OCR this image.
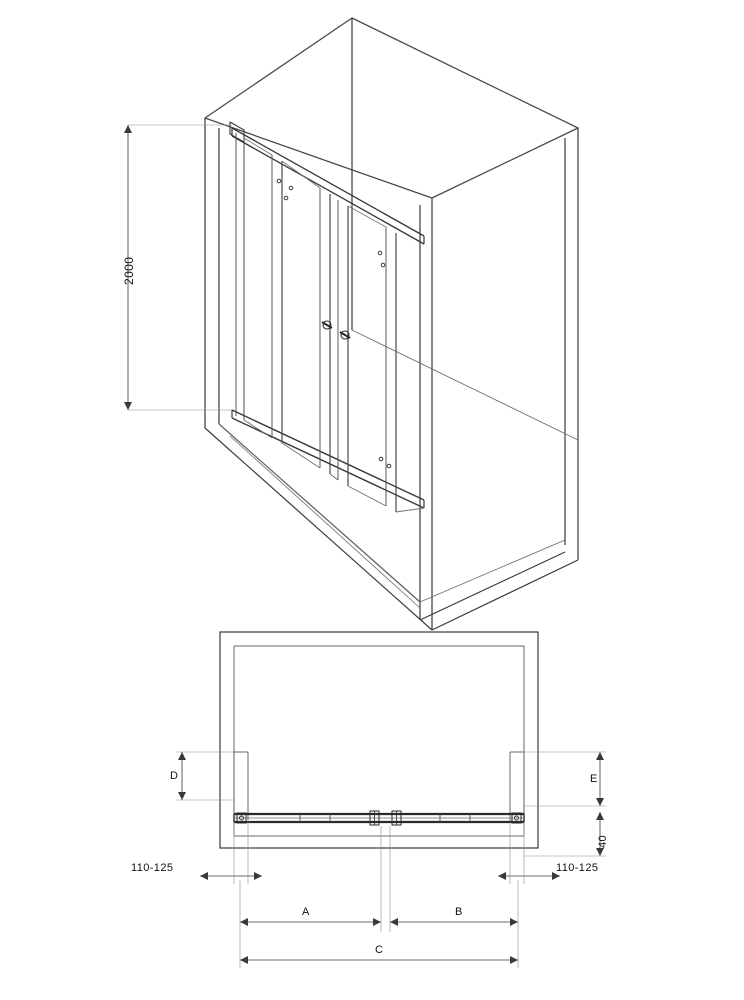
2000
D	E
40
110-125	110-125
A	B
C
